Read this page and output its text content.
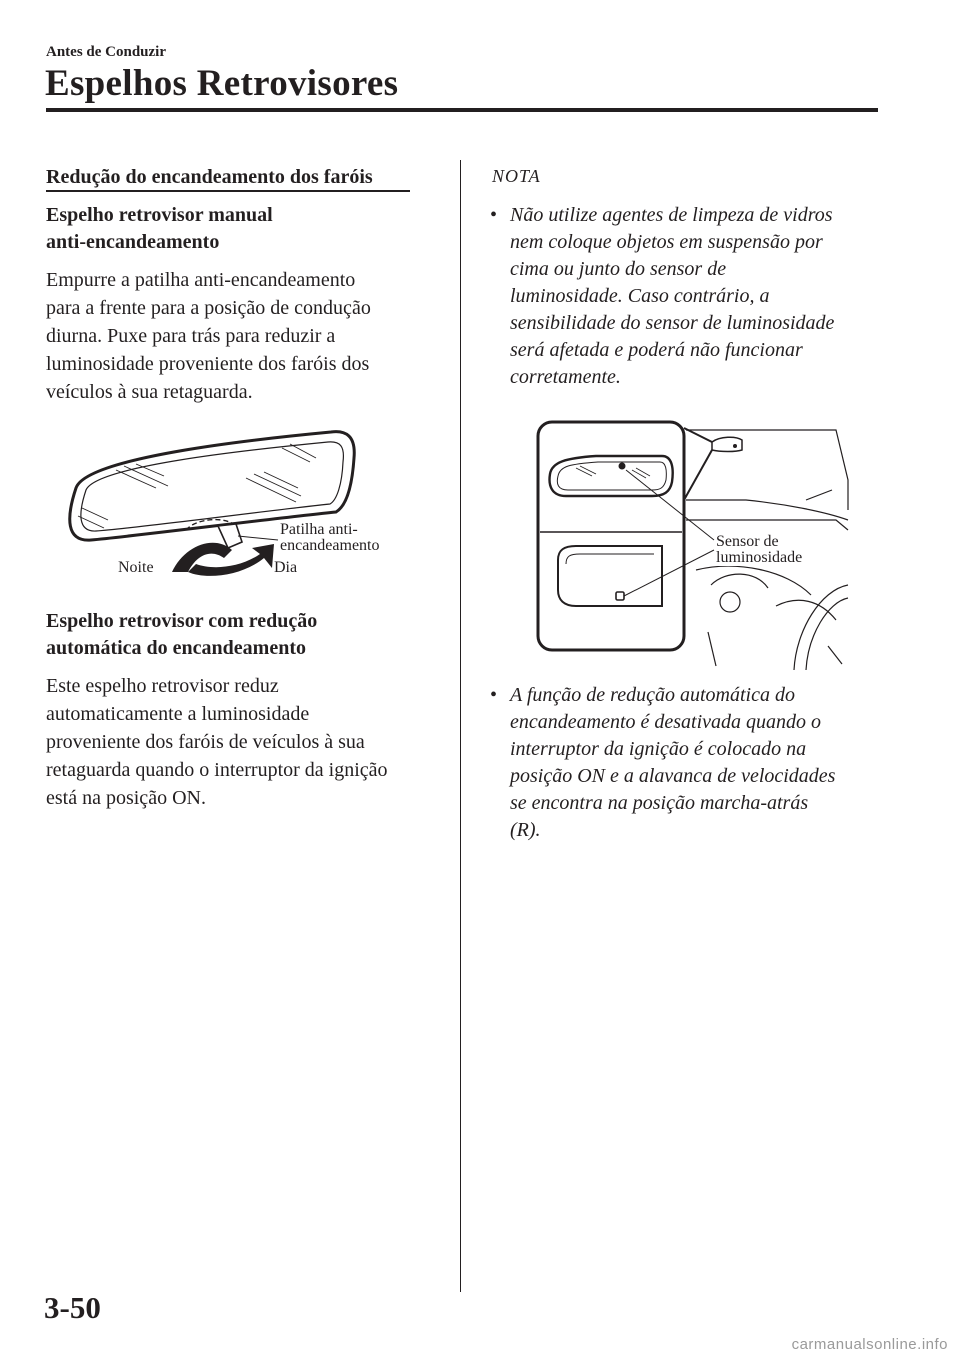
Antes de Conduzir
Espelhos Retrovisores
Redução do encandeamento dos faróis
Espelho retrovisor manual
anti-encandeamento
Empurre a patilha anti-encandeamento
para a frente para a posição de condução
diurna. Puxe para trás para reduzir a
luminosidade proveniente dos faróis dos
veículos à sua retaguarda.
Patilha anti-
encandeamento
Noite	Dia
Espelho retrovisor com redução
automática do encandeamento
Este espelho retrovisor reduz
automaticamente a luminosidade
proveniente dos faróis de veículos à sua
retaguarda quando o interruptor da ignição
está na posição ON.
NOTA
• Não utilize agentes de limpeza de vidros
nem coloque objetos em suspensão por
cima ou junto do sensor de
luminosidade. Caso contrário, a
sensibilidade do sensor de luminosidade
será afetada e poderá não funcionar
corretamente.
Sensor de
luminosidade
• A função de redução automática do
encandeamento é desativada quando o
interruptor da ignição é colocado na
posição ON e a alavanca de velocidades
se encontra na posição marcha-atrás
(R).
3-50
carmanualsonline.info
